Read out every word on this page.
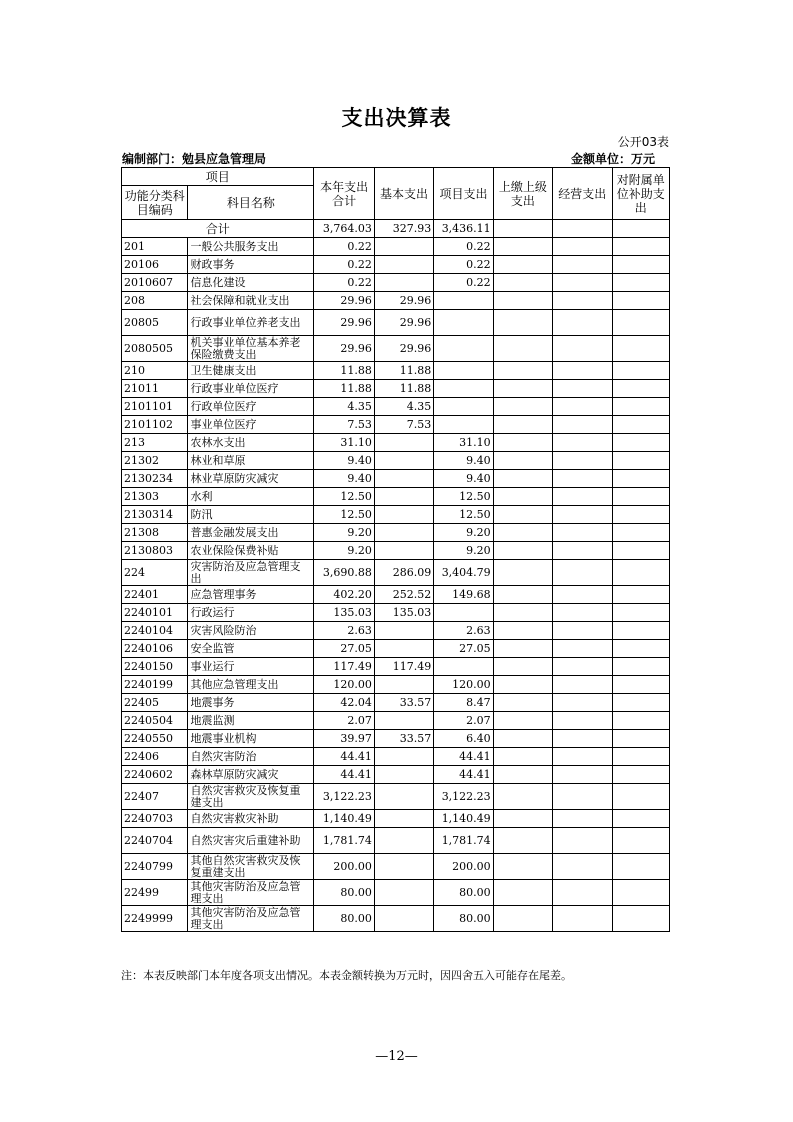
支出决算表
公开03表
编制部门：勉县应急管理局	金额单位：万元
项目		本年支出合计	基本支出	项目支出	上缴上级支出	经营支出	对附属单位补助支出
功能分类科目编码	科目名称						
合计		3,764.03	327.93	3,436.11			
201	一般公共服务支出	0.22		0.22			
20106	财政事务	0.22		0.22			
2010607	信息化建设	0.22		0.22			
208	社会保障和就业支出	29.96	29.96				
20805	行政事业单位养老支出	29.96	29.96				
2080505	机关事业单位基本养老保险缴费支出	29.96	29.96				
210	卫生健康支出	11.88	11.88				
21011	行政事业单位医疗	11.88	11.88				
2101101	行政单位医疗	4.35	4.35				
2101102	事业单位医疗	7.53	7.53				
213	农林水支出	31.10		31.10			
21302	林业和草原	9.40		9.40			
2130234	林业草原防灾减灾	9.40		9.40			
21303	水利	12.50		12.50			
2130314	防汛	12.50		12.50			
21308	普惠金融发展支出	9.20		9.20			
2130803	农业保险保费补贴	9.20		9.20			
224	灾害防治及应急管理支出	3,690.88	286.09	3,404.79			
22401	应急管理事务	402.20	252.52	149.68			
2240101	行政运行	135.03	135.03				
2240104	灾害风险防治	2.63		2.63			
2240106	安全监管	27.05		27.05			
2240150	事业运行	117.49	117.49				
2240199	其他应急管理支出	120.00		120.00			
22405	地震事务	42.04	33.57	8.47			
2240504	地震监测	2.07		2.07			
2240550	地震事业机构	39.97	33.57	6.40			
22406	自然灾害防治	44.41		44.41			
2240602	森林草原防灾减灾	44.41		44.41			
22407	自然灾害救灾及恢复重建支出	3,122.23		3,122.23			
2240703	自然灾害救灾补助	1,140.49		1,140.49			
2240704	自然灾害灾后重建补助	1,781.74		1,781.74			
2240799	其他自然灾害救灾及恢复重建支出	200.00		200.00			
22499	其他灾害防治及应急管理支出	80.00		80.00			
2249999	其他灾害防治及应急管理支出	80.00		80.00			
注：本表反映部门本年度各项支出情况。本表金额转换为万元时，因四舍五入可能存在尾差。
—12—
